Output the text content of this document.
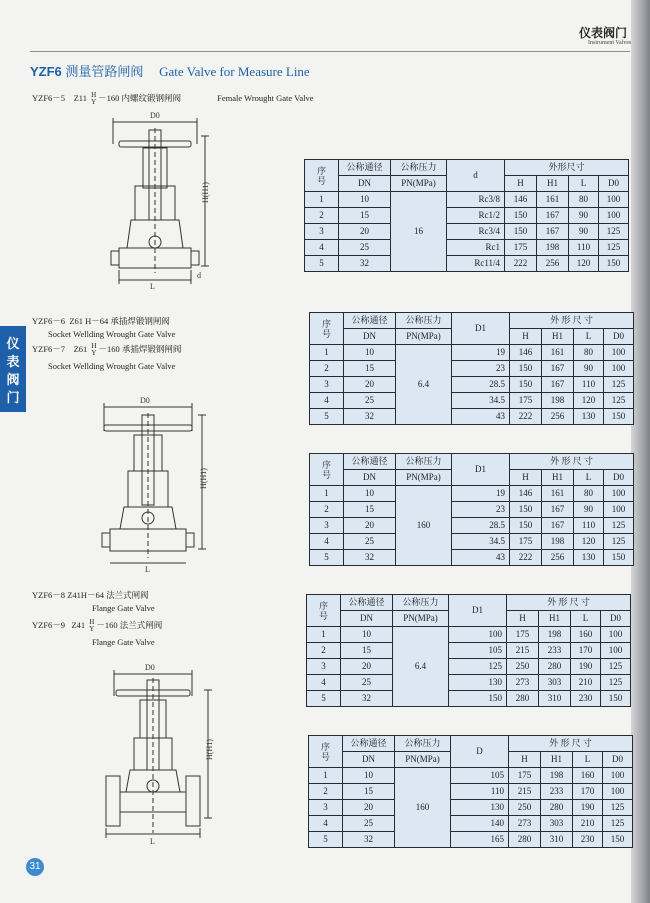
仪表阀门
Instrument Valves
YZF6 测量管路闸阀 Gate Valve for Measure Line
YZF6－5 Z11 H
Y －160 内螺纹锻钢闸阀	Female Wrought Gate Valve
YZF6－6 Z61 H－64 承插焊锻钢闸阀
Socket Wellding Wrought Gate Valve
YZF6－7 Z61 H
Y －160 承插焊锻钢闸阀
Socket Wellding Wrought Gate Valve
YZF6－8 Z41H－64 法兰式闸阀
Flange Gate Valve
YZF6－9 Z41 H
Y －160 法兰式闸阀
Flange Gate Valve
仪
表
阀
门
D0
H(H1)
L
d
D0
H(H1)
L
D0
H(H1)
L
序号	公称通径	公称压力	d	外形尺寸			
	DN	PN(MPa)		H	H1	L	D0
1	10	16	Rc3/8	146	161	80	100
2	15		Rc1/2	150	167	90	100
3	20		Rc3/4	150	167	90	125
4	25		Rc1	175	198	110	125
5	32		Rc11/4	222	256	120	150
序号	公称通径	公称压力	D1	外 形 尺 寸			
	DN	PN(MPa)		H	H1	L	D0
1	10	6.4	19	146	161	80	100
2	15		23	150	167	90	100
3	20		28.5	150	167	110	125
4	25		34.5	175	198	120	125
5	32		43	222	256	130	150
序号	公称通径	公称压力	D1	外 形 尺 寸			
	DN	PN(MPa)		H	H1	L	D0
1	10	160	19	146	161	80	100
2	15		23	150	167	90	100
3	20		28.5	150	167	110	125
4	25		34.5	175	198	120	125
5	32		43	222	256	130	150
序号	公称通径	公称压力	D1	外 形 尺 寸			
	DN	PN(MPa)		H	H1	L	D0
1	10	6.4	100	175	198	160	100
2	15		105	215	233	170	100
3	20		125	250	280	190	125
4	25		130	273	303	210	125
5	32		150	280	310	230	150
序号	公称通径	公称压力	D	外 形 尺 寸			
	DN	PN(MPa)		H	H1	L	D0
1	10	160	105	175	198	160	100
2	15		110	215	233	170	100
3	20		130	250	280	190	125
4	25		140	273	303	210	125
5	32		165	280	310	230	150
31
